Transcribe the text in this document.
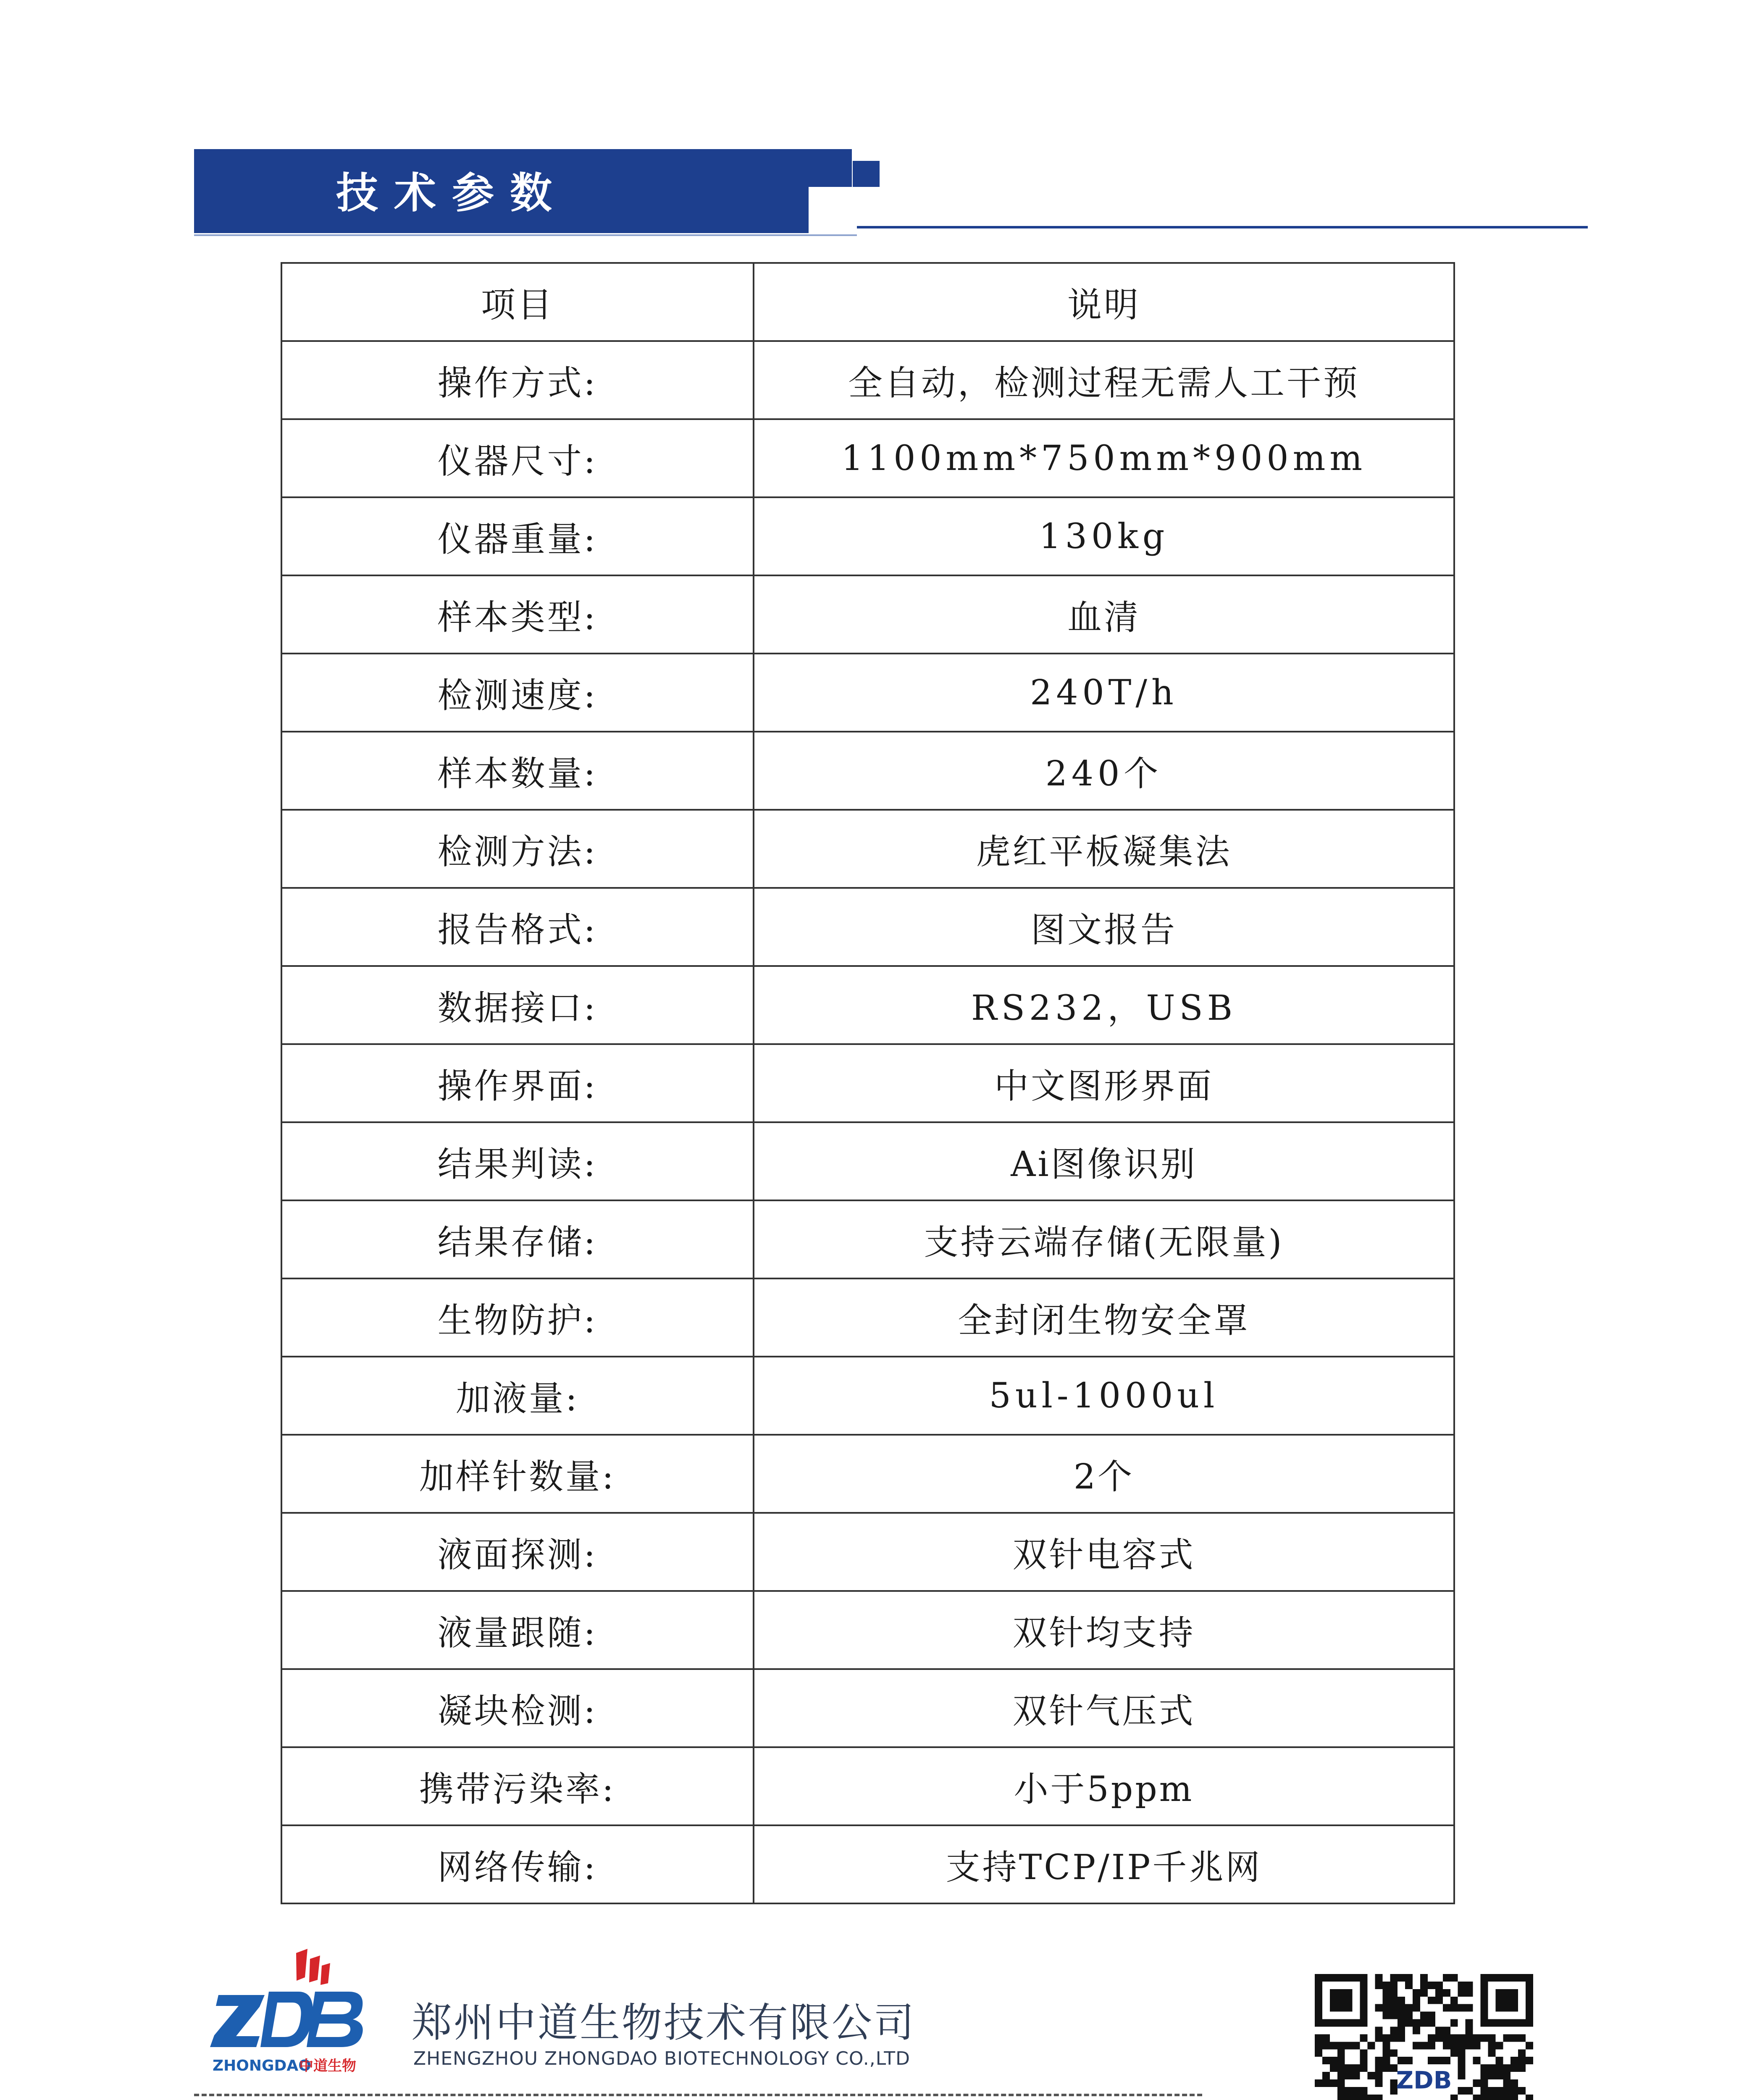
技术参数
项目	说明
操作方式:	全自动，检测过程无需人工干预
仪器尺寸:	1100mm*750mm*900mm
仪器重量:	130kg
样本类型:	血清
检测速度:	240T/h
样本数量:	240个
检测方法:	虎红平板凝集法
报告格式:	图文报告
数据接口:	RS232，USB
操作界面:	中文图形界面
结果判读:	Ai图像识别
结果存储:	支持云端存储(无限量)
生物防护:	全封闭生物安全罩
加液量:	5ul-1000ul
加样针数量:	2个
液面探测:	双针电容式
液量跟随:	双针均支持
凝块检测:	双针气压式
携带污染率:	小于5ppm
网络传输:	支持TCP/IP千兆网
ZHONGDAO
中道生物
郑州中道生物技术有限公司
ZHENGZHOU ZHONGDAO BIOTECHNOLOGY CO.,LTD
ZDB
